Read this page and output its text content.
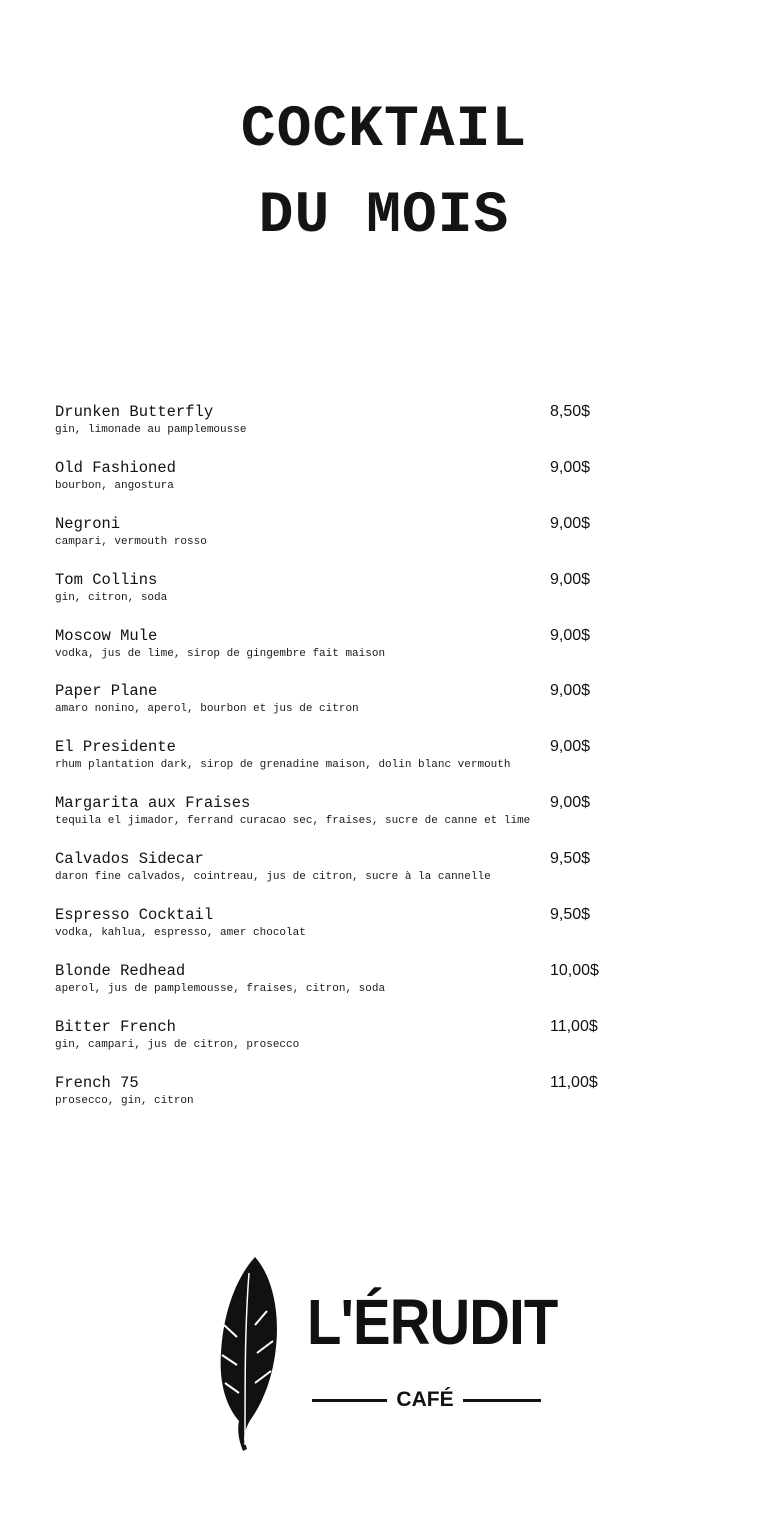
COCKTAIL
DU MOIS
Drunken Butterfly
gin, limonade au pamplemousse
8,50$
Old Fashioned
bourbon, angostura
9,00$
Negroni
campari, vermouth rosso
9,00$
Tom Collins
gin, citron, soda
9,00$
Moscow Mule
vodka, jus de lime, sirop de gingembre fait maison
9,00$
Paper Plane
amaro nonino, aperol, bourbon et jus de citron
9,00$
El Presidente
rhum plantation dark, sirop de grenadine maison, dolin blanc vermouth
9,00$
Margarita aux Fraises
tequila el jimador, ferrand curacao sec, fraises, sucre de canne et lime
9,00$
Calvados Sidecar
daron fine calvados, cointreau, jus de citron, sucre à la cannelle
9,50$
Espresso Cocktail
vodka, kahlua, espresso, amer chocolat
9,50$
Blonde Redhead
aperol, jus de pamplemousse, fraises, citron, soda
10,00$
Bitter French
gin, campari, jus de citron, prosecco
11,00$
French 75
prosecco, gin, citron
11,00$
L'ÉRUDIT
CAFÉ
